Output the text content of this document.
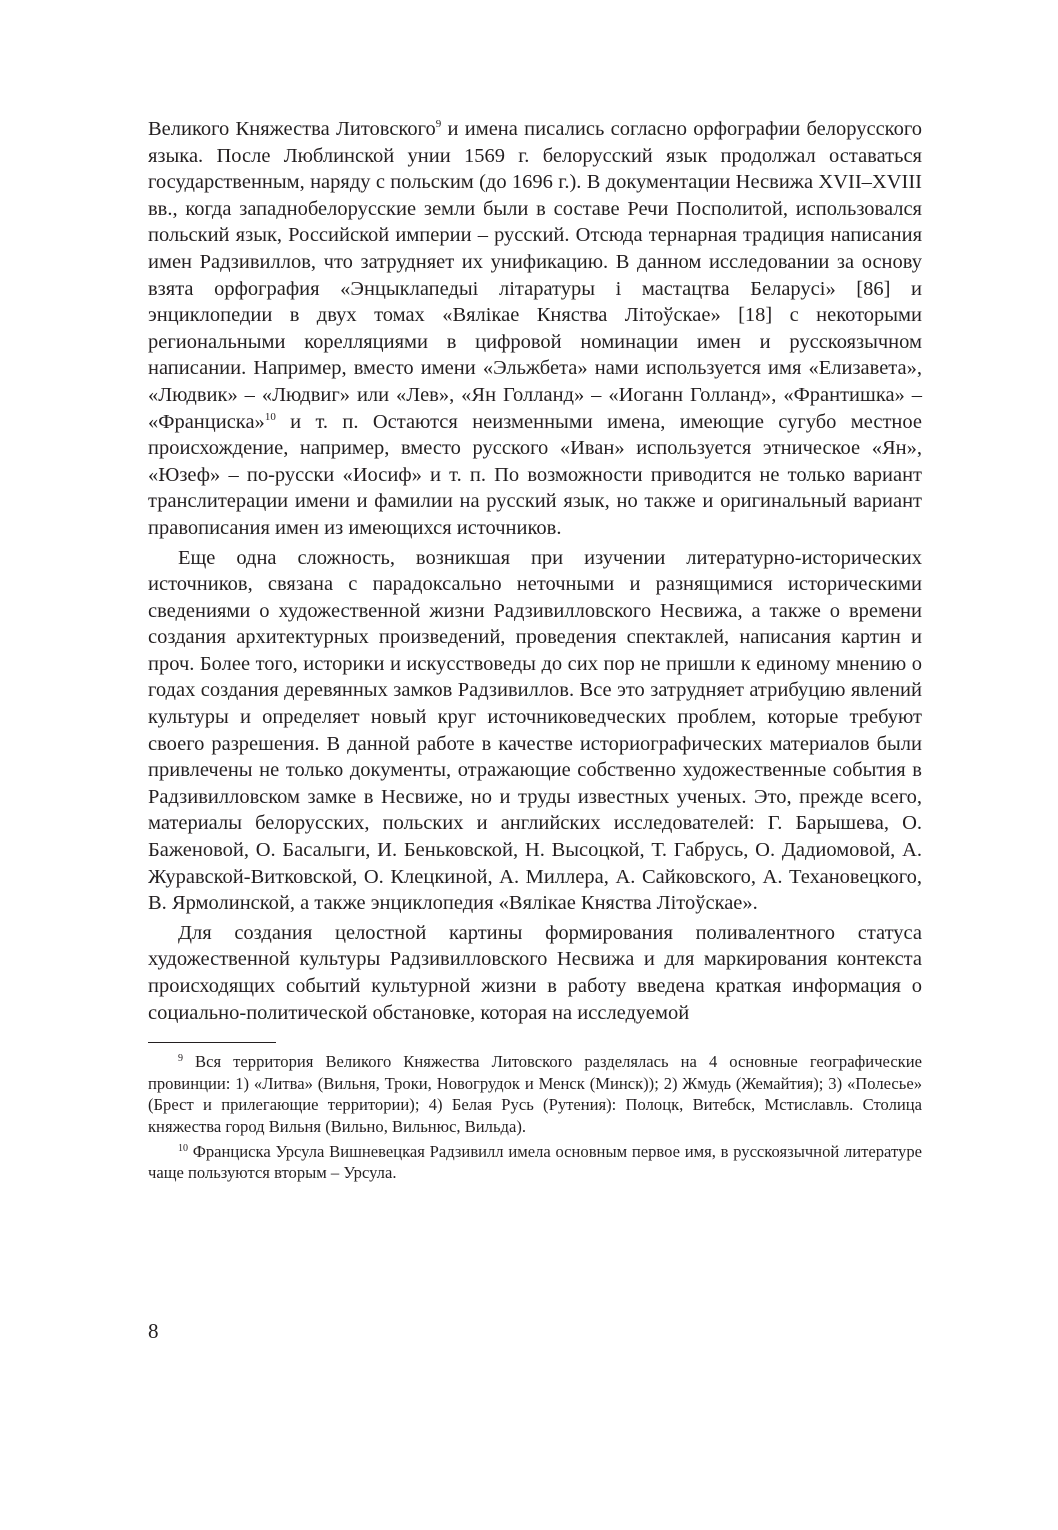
Великого Княжества Литовского$^9$ и имена писались согласно орфографии белорусского языка. После Люблинской унии 1569 г. белорусский язык продолжал оставаться государственным, наряду с польским (до 1696 г.). В документации Несвижа XVII–XVIII вв., когда западнобелорусские земли были в составе Речи Посполитой, использовался польский язык, Российской империи – русский. Отсюда тернарная традиция написания имен Радзивиллов, что затрудняет их унификацию. В данном исследовании за основу взята орфография «Энцыклапедыі літаратуры і мастацтва Беларусі» [86] и энциклопедии в двух томах «Вялікае Княства Літоўскае» [18] с некоторыми региональными корелляциями в цифровой номинации имен и русскоязычном написании. Например, вместо имени «Эльжбета» нами используется имя «Елизавета», «Людвик» – «Людвиг» или «Лев», «Ян Голланд» – «Иоганн Голланд», «Франтишка» – «Франциска»$^{10}$ и т. п. Остаются неизменными имена, имеющие сугубо местное происхождение, например, вместо русского «Иван» используется этническое «Ян», «Юзеф» – по-русски «Иосиф» и т. п. По возможности приводится не только вариант транслитерации имени и фамилии на русский язык, но также и оригинальный вариант правописания имен из имеющихся источников.

Еще одна сложность, возникшая при изучении литературно-исторических источников, связана с парадоксально неточными и разнящимися историческими сведениями о художественной жизни Радзивилловского Несвижа, а также о времени создания архитектурных произведений, проведения спектаклей, написания картин и проч. Более того, историки и искусствоведы до сих пор не пришли к единому мнению о годах создания деревянных замков Радзивиллов. Все это затрудняет атрибуцию явлений культуры и определяет новый круг источниковедческих проблем, которые требуют своего разрешения. В данной работе в качестве историографических материалов были привлечены не только документы, отражающие собственно художественные события в Радзивилловском замке в Несвиже, но и труды известных ученых. Это, прежде всего, материалы белорусских, польских и английских исследователей: Г. Барышева, О. Баженовой, О. Басалыги, И. Беньковской, Н. Высоцкой, Т. Габрусь, О. Дадиомовой, А. Журавской-Витковской, О. Клецкиной, А. Миллера, А. Сайковского, А. Техановецкого, В. Ярмолинской, а также энциклопедия «Вялікае Княства Літоўскае».

Для создания целостной картины формирования поливалентного статуса художественной культуры Радзивилловского Несвижа и для маркирования контекста происходящих событий культурной жизни в работу введена краткая информация о социально-политической обстановке, которая на исследуемой

$^9$ Вся территория Великого Княжества Литовского разделялась на 4 основные географические провинции: 1) «Литва» (Вильня, Троки, Новогрудок и Менск (Минск)); 2) Жмудь (Жемайтия); 3) «Полесье» (Брест и прилегающие территории); 4) Белая Русь (Рутения): Полоцк, Витебск, Мстиславль. Столица княжества город Вильня (Вильно, Вильнюс, Вильда).

$^{10}$ Франциска Урсула Вишневецкая Радзивилл имела основным первое имя, в русскоязычной литературе чаще пользуются вторым – Урсула.

8
